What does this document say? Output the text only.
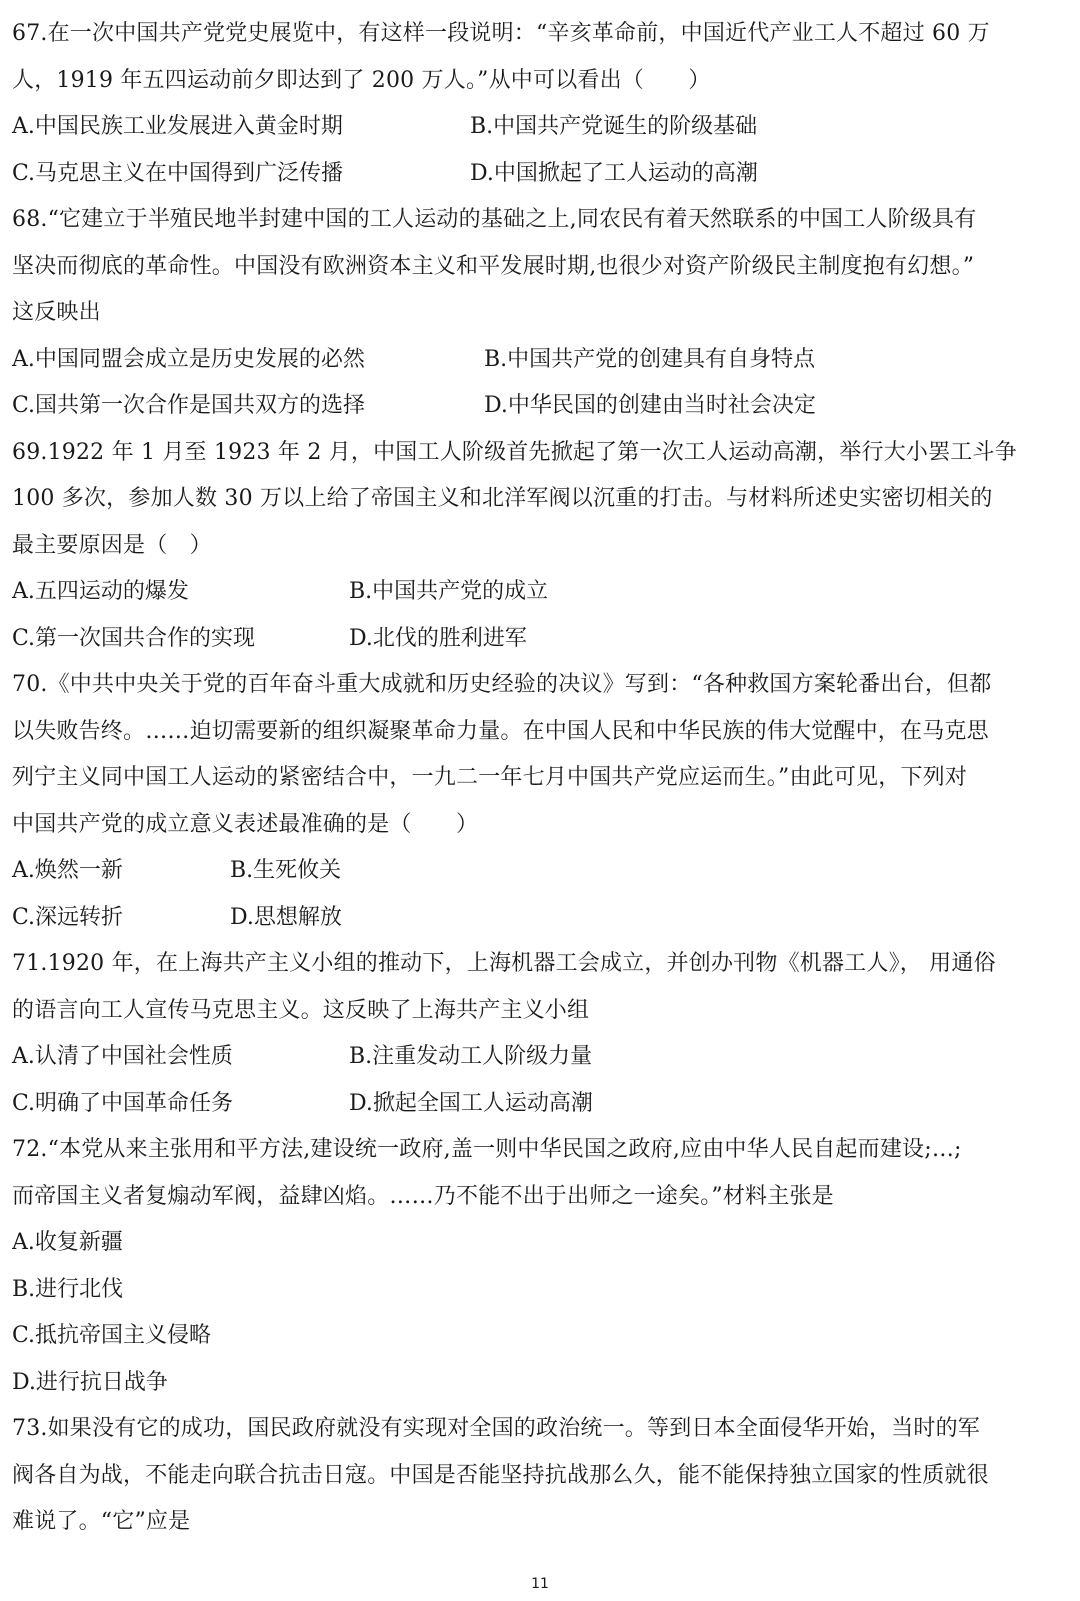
67.在一次中国共产党党史展览中，有这样一段说明：“辛亥革命前，中国近代产业工人不超过 60 万
人，1919 年五四运动前夕即达到了 200 万人。”从中可以看出（　　）
A.中国民族工业发展进入黄金时期	B.中国共产党诞生的阶级基础
C.马克思主义在中国得到广泛传播	D.中国掀起了工人运动的高潮
68.“它建立于半殖民地半封建中国的工人运动的基础之上,同农民有着天然联系的中国工人阶级具有
坚决而彻底的革命性。中国没有欧洲资本主义和平发展时期,也很少对资产阶级民主制度抱有幻想。”
这反映出
A.中国同盟会成立是历史发展的必然	B.中国共产党的创建具有自身特点
C.国共第一次合作是国共双方的选择	D.中华民国的创建由当时社会决定
69.1922 年 1 月至 1923 年 2 月，中国工人阶级首先掀起了第一次工人运动高潮，举行大小罢工斗争
100 多次，参加人数 30 万以上给了帝国主义和北洋军阀以沉重的打击。与材料所述史实密切相关的
最主要原因是（　）
A.五四运动的爆发	B.中国共产党的成立
C.第一次国共合作的实现	D.北伐的胜利进军
70.《中共中央关于党的百年奋斗重大成就和历史经验的决议》写到：“各种救国方案轮番出台，但都
以失败告终。……迫切需要新的组织凝聚革命力量。在中国人民和中华民族的伟大觉醒中，在马克思
列宁主义同中国工人运动的紧密结合中，一九二一年七月中国共产党应运而生。”由此可见，下列对
中国共产党的成立意义表述最准确的是（　　）
A.焕然一新	B.生死攸关
C.深远转折	D.思想解放
71.1920 年，在上海共产主义小组的推动下，上海机器工会成立，并创办刊物《机器工人》， 用通俗
的语言向工人宣传马克思主义。这反映了上海共产主义小组
A.认清了中国社会性质	B.注重发动工人阶级力量
C.明确了中国革命任务	D.掀起全国工人运动高潮
72.“本党从来主张用和平方法,建设统一政府,盖一则中华民国之政府,应由中华人民自起而建设;…;
而帝国主义者复煽动军阀，益肆凶焰。……乃不能不出于出师之一途矣。”材料主张是
A.收复新疆
B.进行北伐
C.抵抗帝国主义侵略
D.进行抗日战争
73.如果没有它的成功，国民政府就没有实现对全国的政治统一。等到日本全面侵华开始，当时的军
阀各自为战，不能走向联合抗击日寇。中国是否能坚持抗战那么久，能不能保持独立国家的性质就很
难说了。“它”应是
11
